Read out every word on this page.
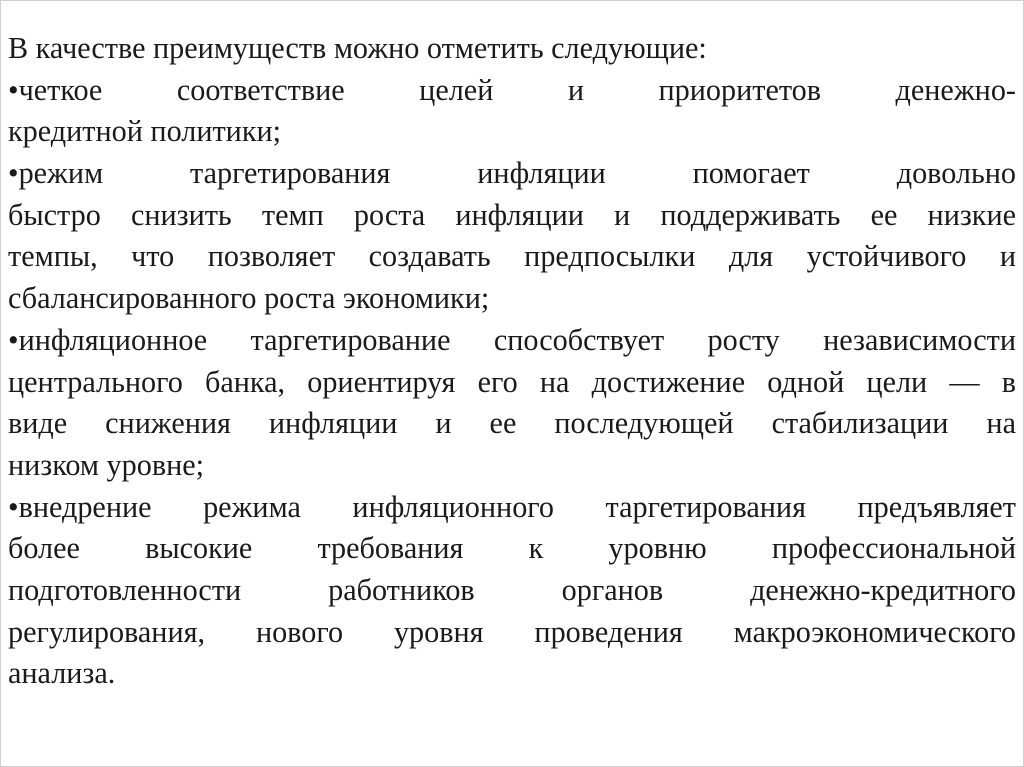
В качестве преимуществ можно отметить следующие:
•четкое соответствие целей и приоритетов денежно-
кредитной политики;
•режим таргетирования инфляции помогает довольно
быстро снизить темп роста инфляции и поддерживать ее низкие
темпы, что позволяет создавать предпосылки для устойчивого и
сбалансированного роста экономики;
•инфляционное таргетирование способствует росту независимости
центрального банка, ориентируя его на достижение одной цели — в
виде снижения инфляции и ее последующей стабилизации на
низком уровне;
•внедрение режима инфляционного таргетирования предъявляет
более высокие требования к уровню профессиональной
подготовленности работников органов денежно-кредитного
регулирования, нового уровня проведения макроэкономического
анализа.
